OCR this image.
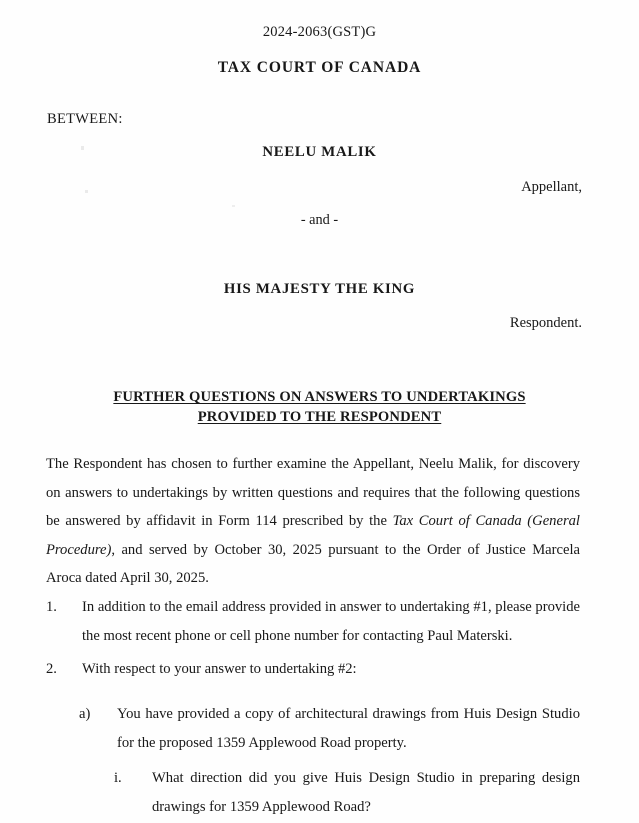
2024-2063(GST)G
TAX COURT OF CANADA
BETWEEN:
NEELU MALIK
Appellant,
- and -
HIS MAJESTY THE KING
Respondent.
FURTHER QUESTIONS ON ANSWERS TO UNDERTAKINGS
PROVIDED TO THE RESPONDENT
The Respondent has chosen to further examine the Appellant, Neelu Malik, for discovery on answers to undertakings by written questions and requires that the following questions be answered by affidavit in Form 114 prescribed by the Tax Court of Canada (General Procedure), and served by October 30, 2025 pursuant to the Order of Justice Marcela Aroca dated April 30, 2025.
1. In addition to the email address provided in answer to undertaking #1, please provide the most recent phone or cell phone number for contacting Paul Materski.
2. With respect to your answer to undertaking #2:
a) You have provided a copy of architectural drawings from Huis Design Studio for the proposed 1359 Applewood Road property.
i. What direction did you give Huis Design Studio in preparing design drawings for 1359 Applewood Road?
